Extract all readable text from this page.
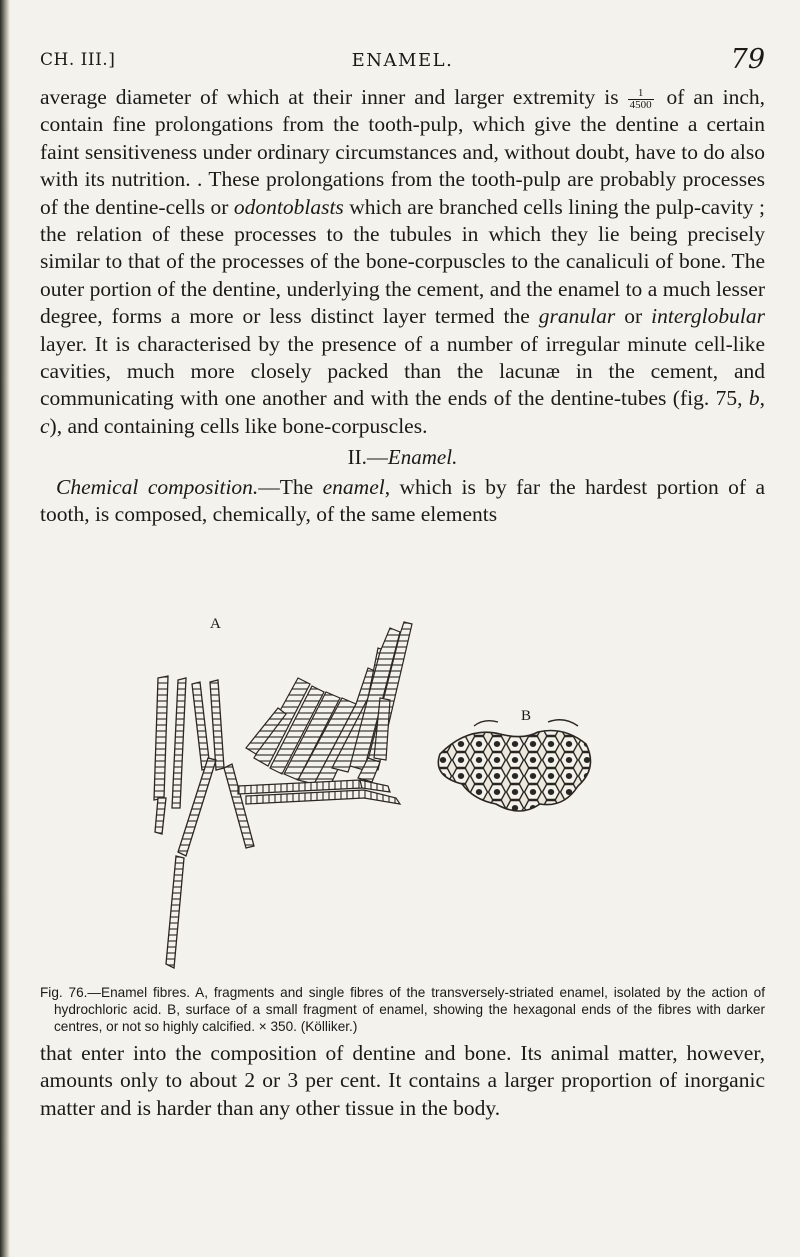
CH. III.]	ENAMEL.	79

average diameter of which at their inner and larger extremity is $\frac{1}{4500}$ of an inch, contain fine prolongations from the tooth-pulp, which give the dentine a certain faint sensitiveness under ordinary circumstances and, without doubt, have to do also with its nutrition. . These prolongations from the tooth-pulp are probably processes of the dentine-cells or odontoblasts which are branched cells lining the pulp-cavity ; the relation of these processes to the tubules in which they lie being precisely similar to that of the processes of the bone-corpuscles to the canaliculi of bone. The outer portion of the dentine, underlying the cement, and the enamel to a much lesser degree, forms a more or less distinct layer termed the granular or interglobular layer. It is characterised by the presence of a number of irregular minute cell-like cavities, much more closely packed than the lacunæ in the cement, and communicating with one another and with the ends of the dentine-tubes (fig. 75, b, c), and containing cells like bone-corpuscles.

II.—Enamel.

Chemical composition.—The enamel, which is by far the hardest portion of a tooth, is composed, chemically, of the same elements

A
B

Fig. 76.—Enamel fibres. A, fragments and single fibres of the transversely-striated enamel, isolated by the action of hydrochloric acid. B, surface of a small fragment of enamel, showing the hexagonal ends of the fibres with darker centres, or not so highly calcified. × 350. (Kölliker.)

that enter into the composition of dentine and bone. Its animal matter, however, amounts only to about 2 or 3 per cent. It contains a larger proportion of inorganic matter and is harder than any other tissue in the body.
